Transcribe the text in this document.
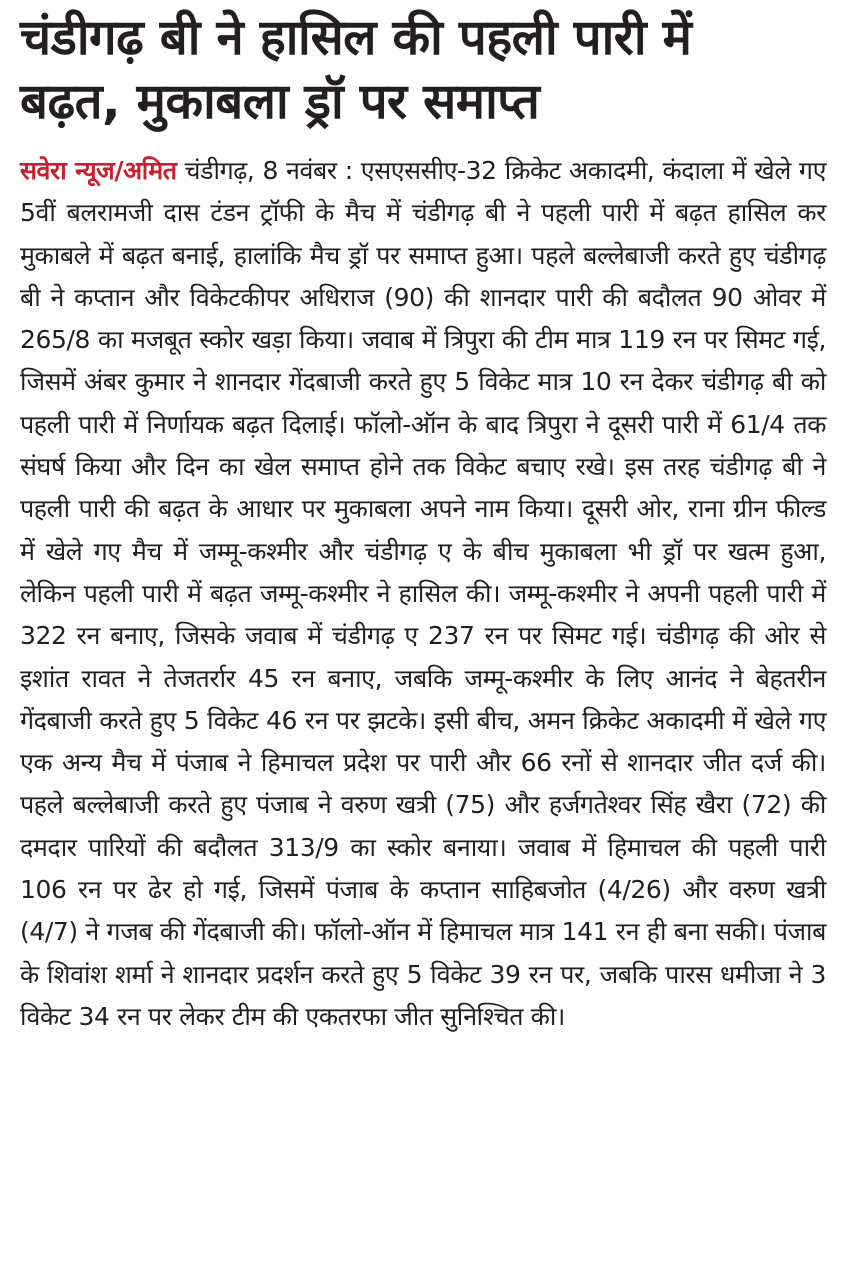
चंडीगढ़ बी ने हासिल की पहली पारी में
बढ़त, मुकाबला ड्रॉ पर समाप्त

सवेरा न्यूज/अमित चंडीगढ़, 8 नवंबर : एसएससीए-32 क्रिकेट अकादमी, कंदाला में खेले गए 5वीं बलरामजी दास टंडन ट्रॉफी के मैच में चंडीगढ़ बी ने पहली पारी में बढ़त हासिल कर मुकाबले में बढ़त बनाई, हालांकि मैच ड्रॉ पर समाप्त हुआ। पहले बल्लेबाजी करते हुए चंडीगढ़ बी ने कप्तान और विकेटकीपर अधिराज (90) की शानदार पारी की बदौलत 90 ओवर में 265/8 का मजबूत स्कोर खड़ा किया। जवाब में त्रिपुरा की टीम मात्र 119 रन पर सिमट गई, जिसमें अंबर कुमार ने शानदार गेंदबाजी करते हुए 5 विकेट मात्र 10 रन देकर चंडीगढ़ बी को पहली पारी में निर्णायक बढ़त दिलाई। फॉलो-ऑन के बाद त्रिपुरा ने दूसरी पारी में 61/4 तक संघर्ष किया और दिन का खेल समाप्त होने तक विकेट बचाए रखे। इस तरह चंडीगढ़ बी ने पहली पारी की बढ़त के आधार पर मुकाबला अपने नाम किया। दूसरी ओर, राना ग्रीन फील्ड में खेले गए मैच में जम्मू-कश्मीर और चंडीगढ़ ए के बीच मुकाबला भी ड्रॉ पर खत्म हुआ, लेकिन पहली पारी में बढ़त जम्मू-कश्मीर ने हासिल की। जम्मू-कश्मीर ने अपनी पहली पारी में 322 रन बनाए, जिसके जवाब में चंडीगढ़ ए 237 रन पर सिमट गई। चंडीगढ़ की ओर से इशांत रावत ने तेजतर्रार 45 रन बनाए, जबकि जम्मू-कश्मीर के लिए आनंद ने बेहतरीन गेंदबाजी करते हुए 5 विकेट 46 रन पर झटके। इसी बीच, अमन क्रिकेट अकादमी में खेले गए एक अन्य मैच में पंजाब ने हिमाचल प्रदेश पर पारी और 66 रनों से शानदार जीत दर्ज की। पहले बल्लेबाजी करते हुए पंजाब ने वरुण खत्री (75) और हर्जगतेश्वर सिंह खैरा (72) की दमदार पारियों की बदौलत 313/9 का स्कोर बनाया। जवाब में हिमाचल की पहली पारी 106 रन पर ढेर हो गई, जिसमें पंजाब के कप्तान साहिबजोत (4/26) और वरुण खत्री (4/7) ने गजब की गेंदबाजी की। फॉलो-ऑन में हिमाचल मात्र 141 रन ही बना सकी। पंजाब के शिवांश शर्मा ने शानदार प्रदर्शन करते हुए 5 विकेट 39 रन पर, जबकि पारस धमीजा ने 3 विकेट 34 रन पर लेकर टीम की एकतरफा जीत सुनिश्चित की।
